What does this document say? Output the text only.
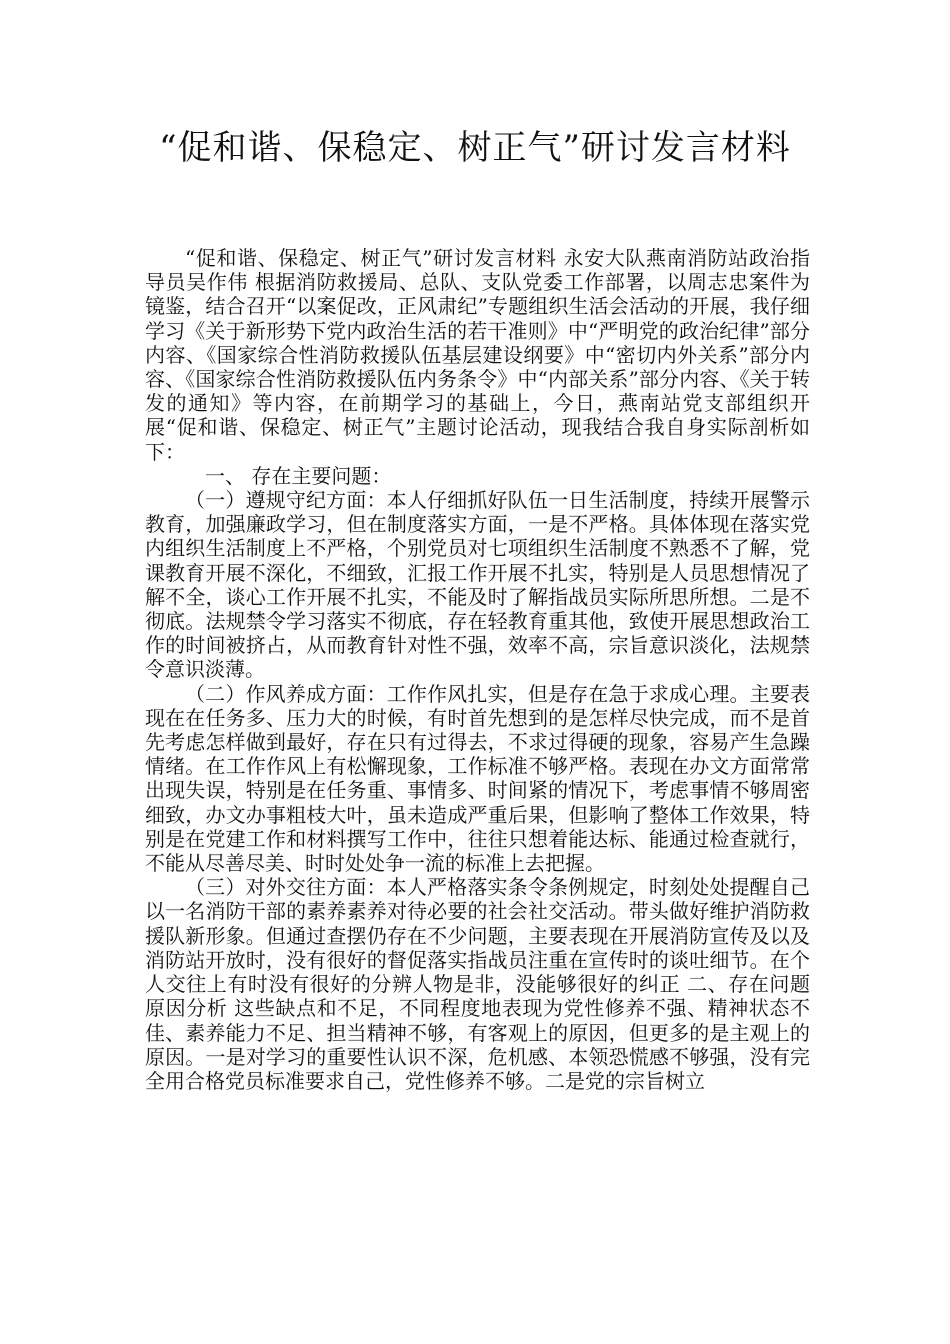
“促和谐、保稳定、树正气”研讨发言材料

“促和谐、保稳定、树正气”研讨发言材料 永安大队燕南消防站政治指导员吴作伟 根据消防救援局、总队、支队党委工作部署，以周志忠案件为镜鉴，结合召开“以案促改，正风肃纪”专题组织生活会活动的开展，我仔细学习《关于新形势下党内政治生活的若干准则》中“严明党的政治纪律”部分内容、《国家综合性消防救援队伍基层建设纲要》中“密切内外关系”部分内容、《国家综合性消防救援队伍内务条令》中“内部关系”部分内容、《关于转发的通知》等内容，在前期学习的基础上，今日，燕南站党支部组织开展“促和谐、保稳定、树正气”主题讨论活动，现我结合我自身实际剖析如下：

一、 存在主要问题：

（一）遵规守纪方面：本人仔细抓好队伍一日生活制度，持续开展警示教育，加强廉政学习，但在制度落实方面，一是不严格。具体体现在落实党内组织生活制度上不严格，个别党员对七项组织生活制度不熟悉不了解，党课教育开展不深化，不细致，汇报工作开展不扎实，特别是人员思想情况了解不全，谈心工作开展不扎实，不能及时了解指战员实际所思所想。二是不彻底。法规禁令学习落实不彻底，存在轻教育重其他，致使开展思想政治工作的时间被挤占，从而教育针对性不强，效率不高，宗旨意识淡化，法规禁令意识淡薄。

（二）作风养成方面：工作作风扎实，但是存在急于求成心理。主要表现在在任务多、压力大的时候，有时首先想到的是怎样尽快完成，而不是首先考虑怎样做到最好，存在只有过得去，不求过得硬的现象，容易产生急躁情绪。在工作作风上有松懈现象，工作标准不够严格。表现在办文方面常常出现失误，特别是在任务重、事情多、时间紧的情况下，考虑事情不够周密细致，办文办事粗枝大叶，虽未造成严重后果，但影响了整体工作效果，特别是在党建工作和材料撰写工作中，往往只想着能达标、能通过检查就行，不能从尽善尽美、时时处处争一流的标准上去把握。

（三）对外交往方面：本人严格落实条令条例规定，时刻处处提醒自己以一名消防干部的素养素养对待必要的社会社交活动。带头做好维护消防救援队新形象。但通过查摆仍存在不少问题，主要表现在开展消防宣传及以及消防站开放时，没有很好的督促落实指战员注重在宣传时的谈吐细节。在个人交往上有时没有很好的分辨人物是非，没能够很好的纠正 二、存在问题原因分析 这些缺点和不足，不同程度地表现为党性修养不强、精神状态不佳、素养能力不足、担当精神不够，有客观上的原因，但更多的是主观上的原因。一是对学习的重要性认识不深，危机感、本领恐慌感不够强，没有完全用合格党员标准要求自己，党性修养不够。二是党的宗旨树立
